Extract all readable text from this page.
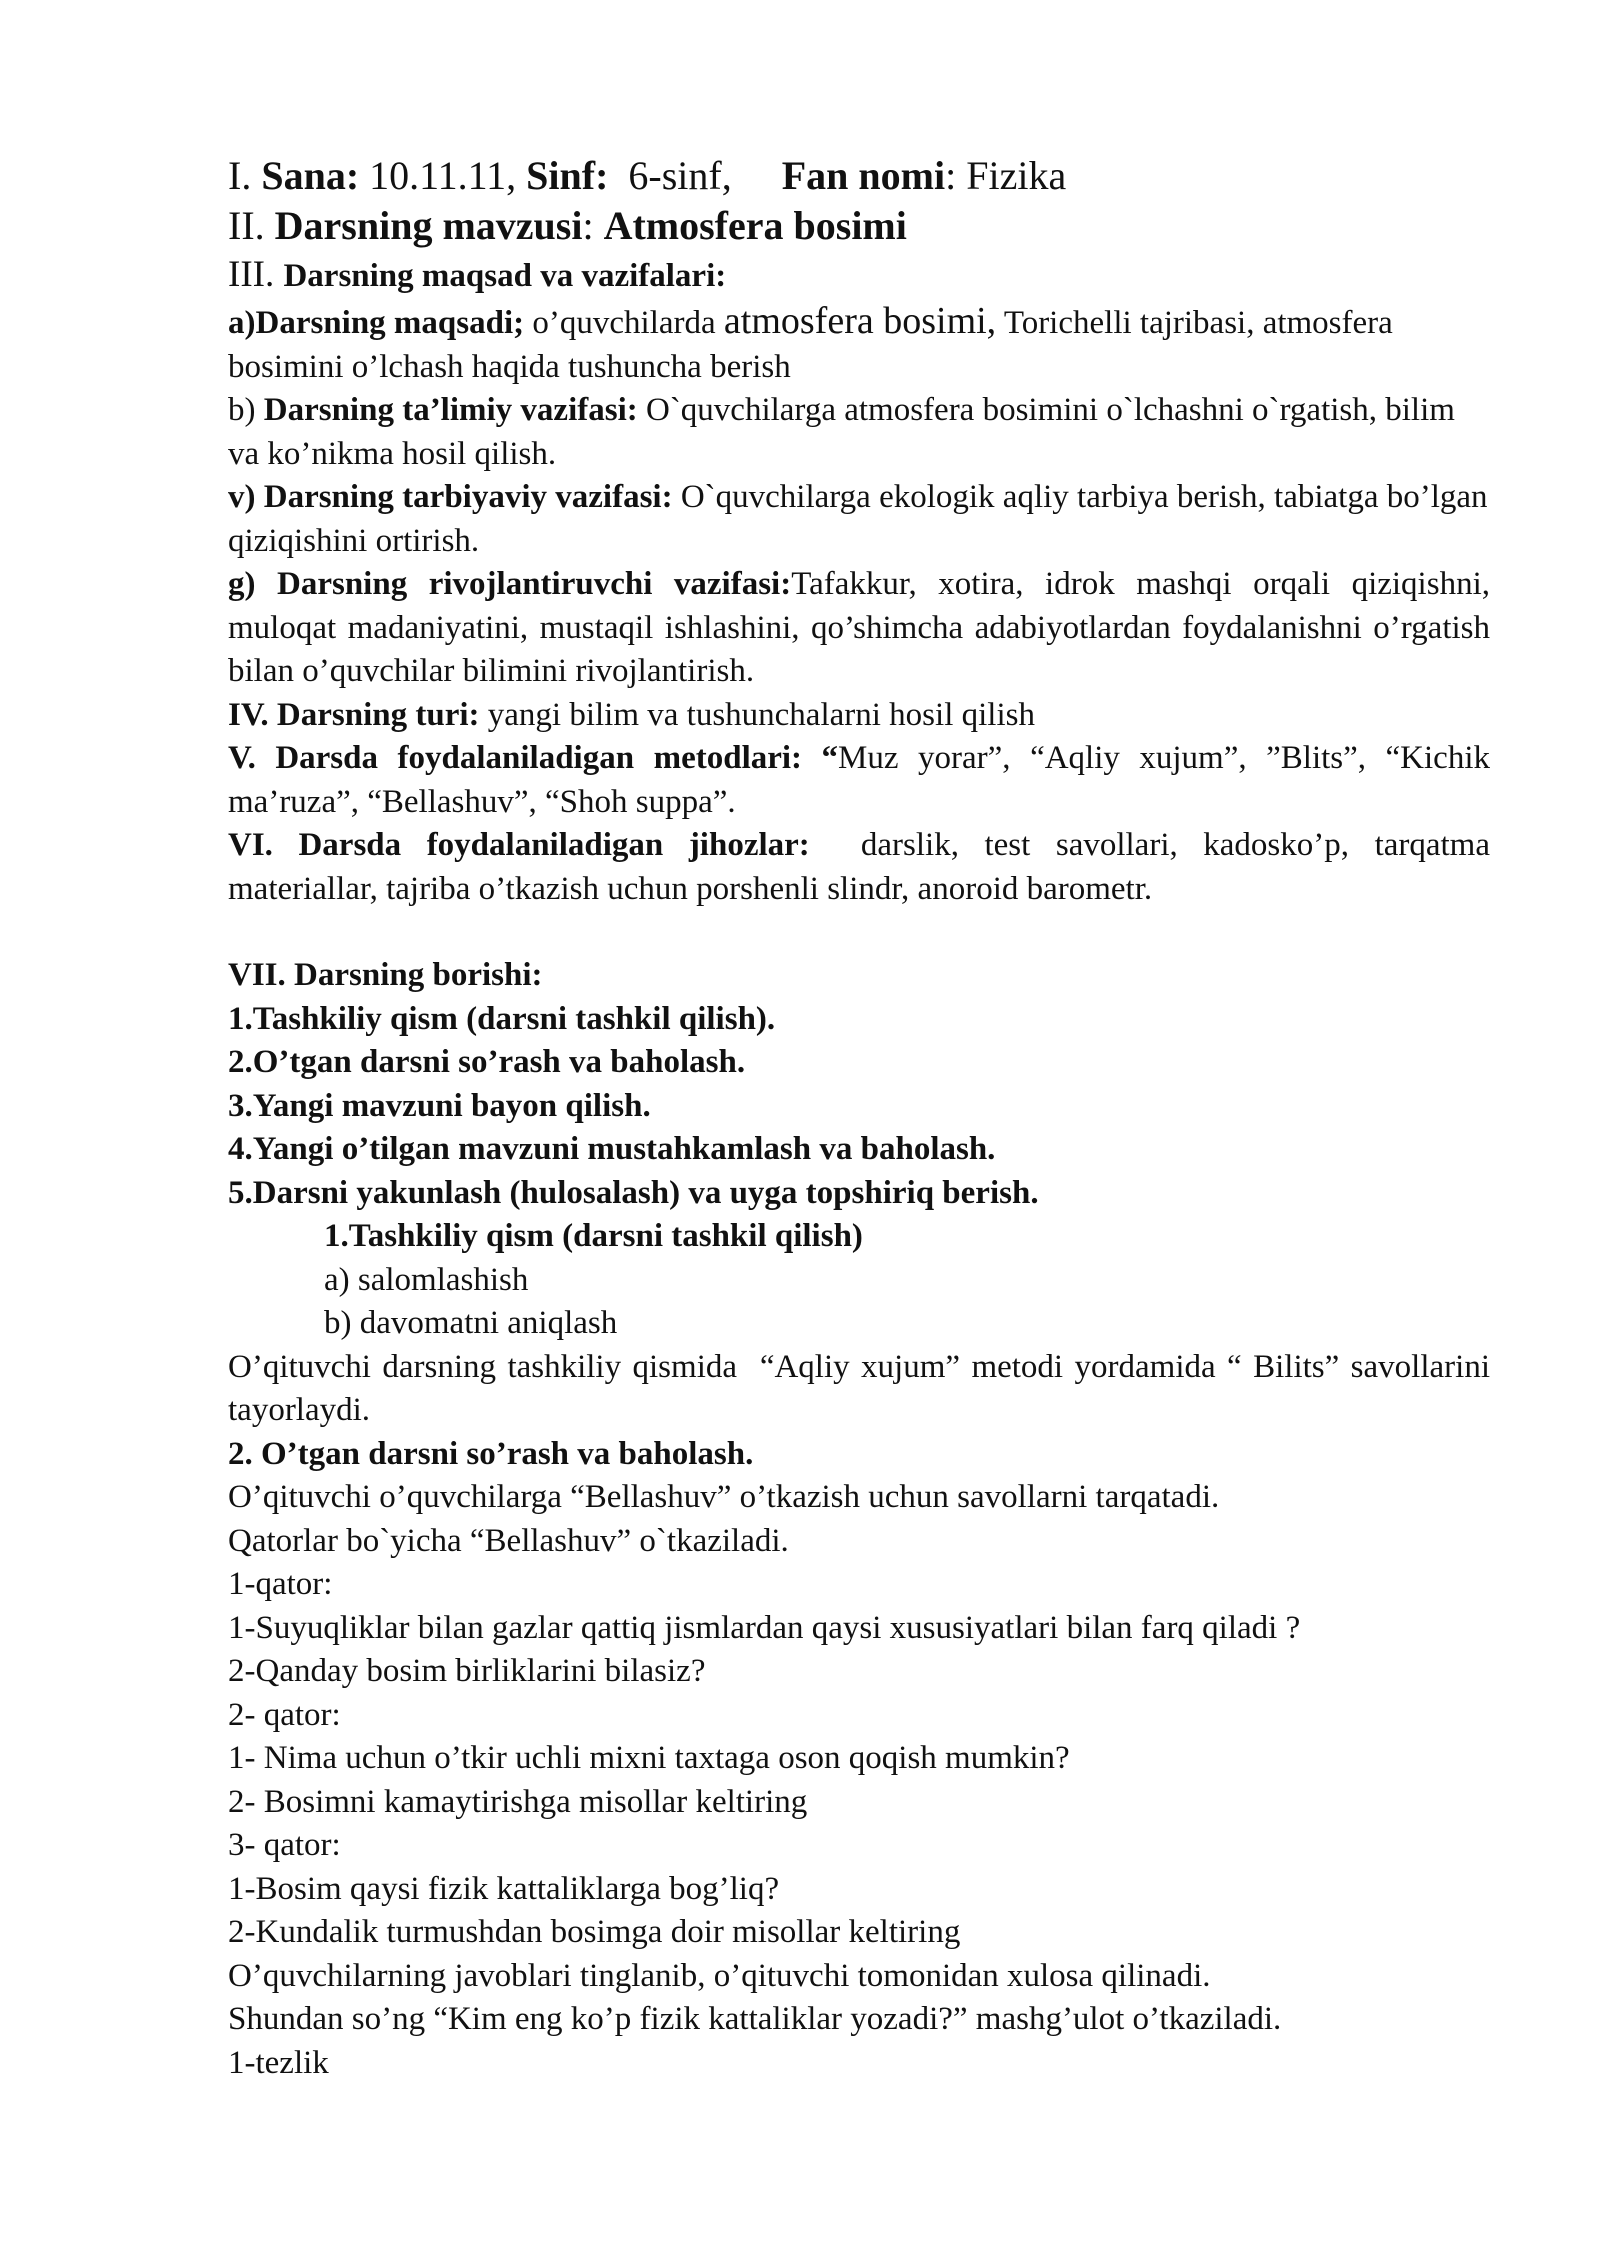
I. Sana: 10.11.11, Sinf:  6-sinf,     Fan nomi: Fizika

II. Darsning mavzusi: Atmosfera bosimi

III. Darsning maqsad va vazifalari:

a)Darsning maqsadi; o’quvchilarda atmosfera bosimi, Torichelli tajribasi, atmosfera bosimini o’lchash haqida tushuncha berish

b) Darsning ta’limiy vazifasi: O`quvchilarga atmosfera bosimini o`lchashni o`rgatish, bilim va ko’nikma hosil qilish.

v) Darsning tarbiyaviy vazifasi: O`quvchilarga ekologik aqliy tarbiya berish, tabiatga bo’lgan qiziqishini ortirish.

g) Darsning rivojlantiruvchi vazifasi:Tafakkur, xotira, idrok mashqi orqali qiziqishni, muloqat madaniyatini, mustaqil ishlashini, qo’shimcha adabiyotlardan foydalanishni o’rgatish bilan o’quvchilar bilimini rivojlantirish.

IV. Darsning turi: yangi bilim va tushunchalarni hosil qilish

V. Darsda foydalaniladigan metodlari: “Muz yorar”, “Aqliy xujum”, ”Blits”, “Kichik ma’ruza”, “Bellashuv”, “Shoh suppa”.

VI. Darsda foydalaniladigan jihozlar:  darslik, test savollari, kadosko’p, tarqatma materiallar, tajriba o’tkazish uchun porshenli slindr, anoroid barometr.

VII. Darsning borishi:

1.Tashkiliy qism (darsni tashkil qilish).

2.O’tgan darsni so’rash va baholash.

3.Yangi mavzuni bayon qilish.

4.Yangi o’tilgan mavzuni mustahkamlash va baholash.

5.Darsni yakunlash (hulosalash) va uyga topshiriq berish.

1.Tashkiliy qism (darsni tashkil qilish)

a) salomlashish

b) davomatni aniqlash

O’qituvchi darsning tashkiliy qismida  “Aqliy xujum” metodi yordamida “ Bilits” savollarini tayorlaydi.

2. O’tgan darsni so’rash va baholash.

O’qituvchi o’quvchilarga “Bellashuv” o’tkazish uchun savollarni tarqatadi.

Qatorlar bo`yicha “Bellashuv” o`tkaziladi.

1-qator:

1-Suyuqliklar bilan gazlar qattiq jismlardan qaysi xususiyatlari bilan farq qiladi ?

2-Qanday bosim birliklarini bilasiz?

2- qator:

1- Nima uchun o’tkir uchli mixni taxtaga oson qoqish mumkin?

2- Bosimni kamaytirishga misollar keltiring

3- qator:

1-Bosim qaysi fizik kattaliklarga bog’liq?

2-Kundalik turmushdan bosimga doir misollar keltiring

O’quvchilarning javoblari tinglanib, o’qituvchi tomonidan xulosa qilinadi.

Shundan so’ng “Kim eng ko’p fizik kattaliklar yozadi?” mashg’ulot o’tkaziladi.

1-tezlik
